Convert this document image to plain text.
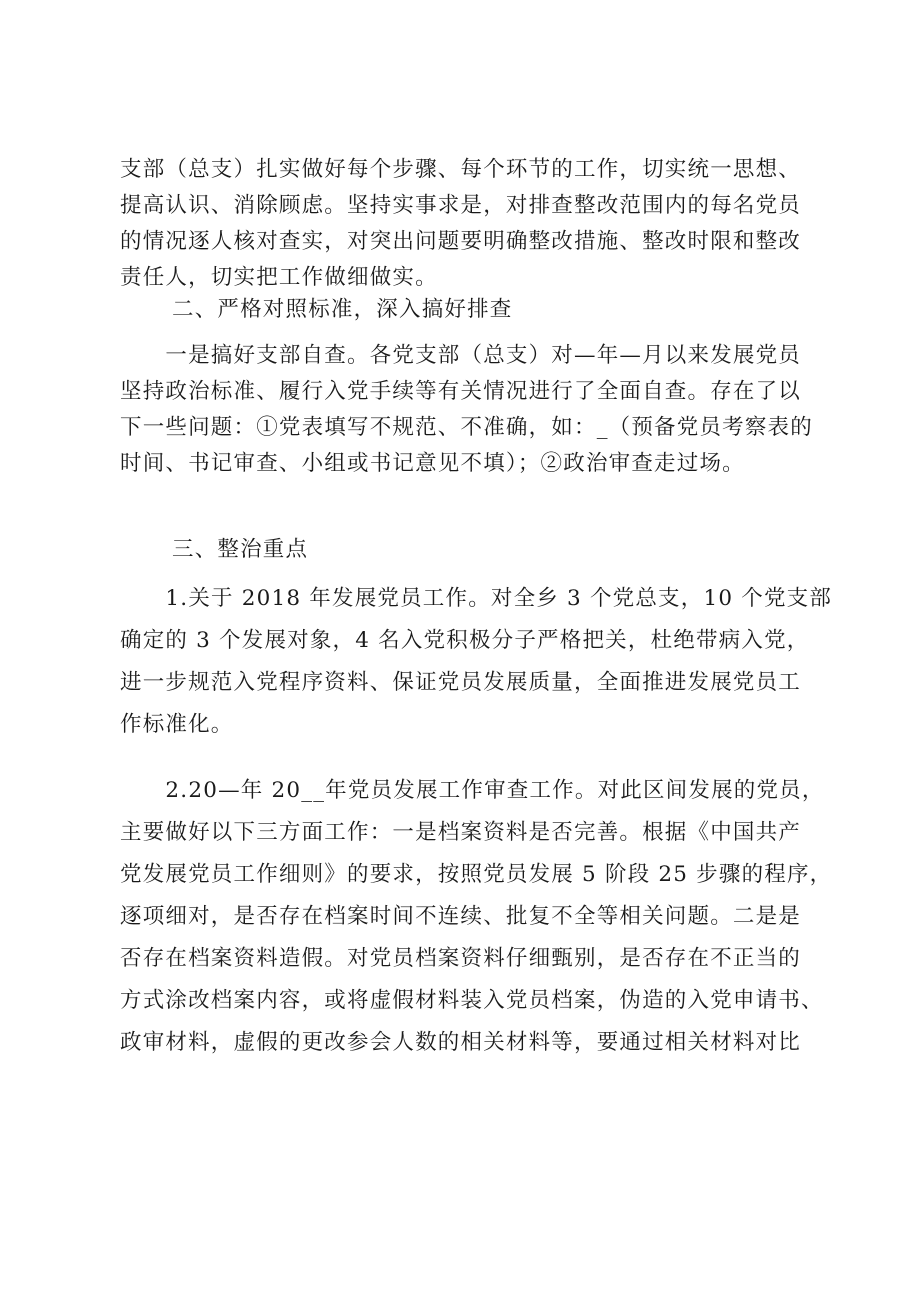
支部（总支）扎实做好每个步骤、每个环节的工作，切实统一思想、
提高认识、消除顾虑。坚持实事求是，对排查整改范围内的每名党员
的情况逐人核对查实，对突出问题要明确整改措施、整改时限和整改
责任人，切实把工作做细做实。
二、严格对照标准，深入搞好排查
　　一是搞好支部自查。各党支部（总支）对—年—月以来发展党员
坚持政治标准、履行入党手续等有关情况进行了全面自查。存在了以
下一些问题：①党表填写不规范、不准确，如：_（预备党员考察表的
时间、书记审查、小组或书记意见不填）；②政治审查走过场。
三、整治重点
　　1.关于 2018 年发展党员工作。对全乡 3 个党总支，10 个党支部
确定的 3 个发展对象，4 名入党积极分子严格把关，杜绝带病入党，
进一步规范入党程序资料、保证党员发展质量，全面推进发展党员工
作标准化。
　　2.20—年 20__年党员发展工作审查工作。对此区间发展的党员，
主要做好以下三方面工作：一是档案资料是否完善。根据《中国共产
党发展党员工作细则》的要求，按照党员发展 5 阶段 25 步骤的程序，
逐项细对，是否存在档案时间不连续、批复不全等相关问题。二是是
否存在档案资料造假。对党员档案资料仔细甄别，是否存在不正当的
方式涂改档案内容，或将虚假材料装入党员档案，伪造的入党申请书、
政审材料，虚假的更改参会人数的相关材料等，要通过相关材料对比
